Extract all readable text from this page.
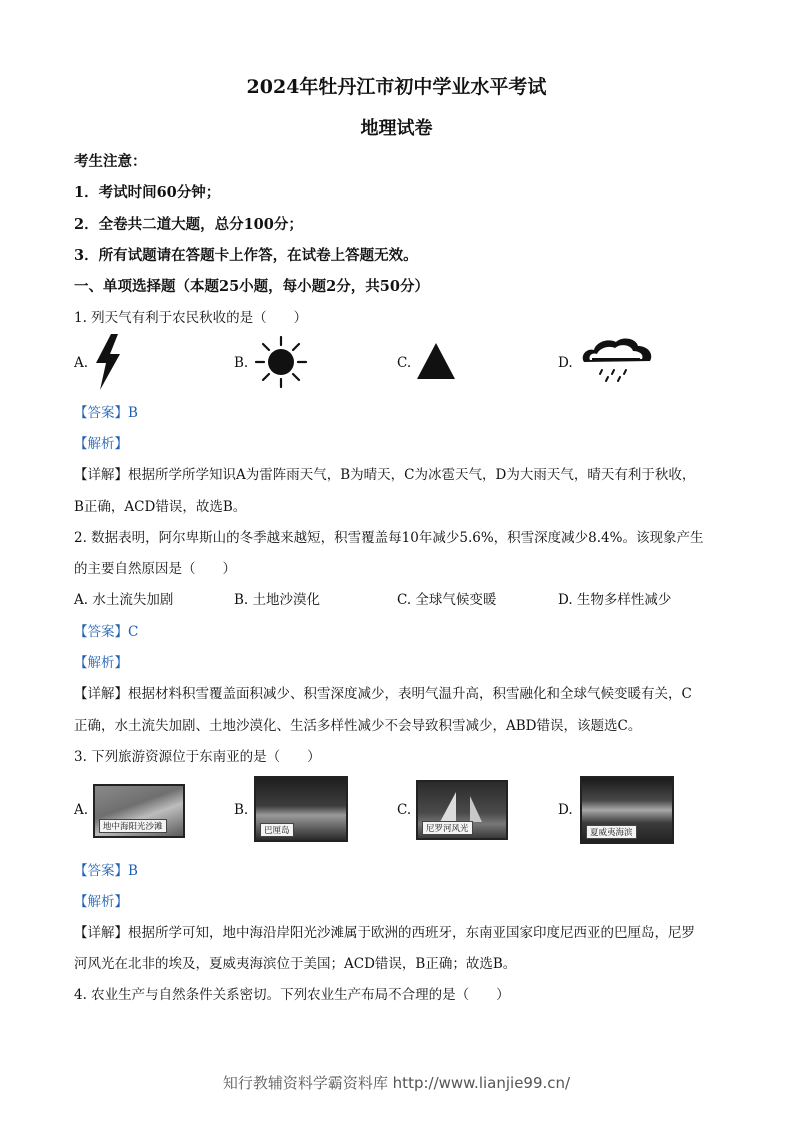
2024年牡丹江市初中学业水平考试
地理试卷
考生注意：
1．考试时间60分钟；
2．全卷共二道大题，总分100分；
3．所有试题请在答题卡上作答，在试卷上答题无效。
一、单项选择题（本题25小题，每小题2分，共50分）
1. 列天气有利于农民秋收的是（　　）
A.	B.	C.	D.
【答案】B
【解析】
【详解】根据所学所学知识A为雷阵雨天气，B为晴天，C为冰雹天气，D为大雨天气，晴天有利于秋收，
B正确，ACD错误，故选B。
2. 数据表明，阿尔卑斯山的冬季越来越短，积雪覆盖每10年减少5.6%，积雪深度减少8.4%。该现象产生
的主要自然原因是（　　）
A. 水土流失加剧	B. 土地沙漠化	C. 全球气候变暖	D. 生物多样性减少
【答案】C
【解析】
【详解】根据材料积雪覆盖面积减少、积雪深度减少，表明气温升高，积雪融化和全球气候变暖有关，C
正确，水土流失加剧、土地沙漠化、生活多样性减少不会导致积雪减少，ABD错误，该题选C。
3. 下列旅游资源位于东南亚的是（　　）
A.
地中海阳光沙滩
B.
巴厘岛
C.
尼罗河风光
D.
夏威夷海滨
【答案】B
【解析】
【详解】根据所学可知，地中海沿岸阳光沙滩属于欧洲的西班牙，东南亚国家印度尼西亚的巴厘岛，尼罗
河风光在北非的埃及，夏威夷海滨位于美国；ACD错误，B正确；故选B。
4. 农业生产与自然条件关系密切。下列农业生产布局不合理的是（　　）
知行教辅资料学霸资料库 http://www.lianjie99.cn/
